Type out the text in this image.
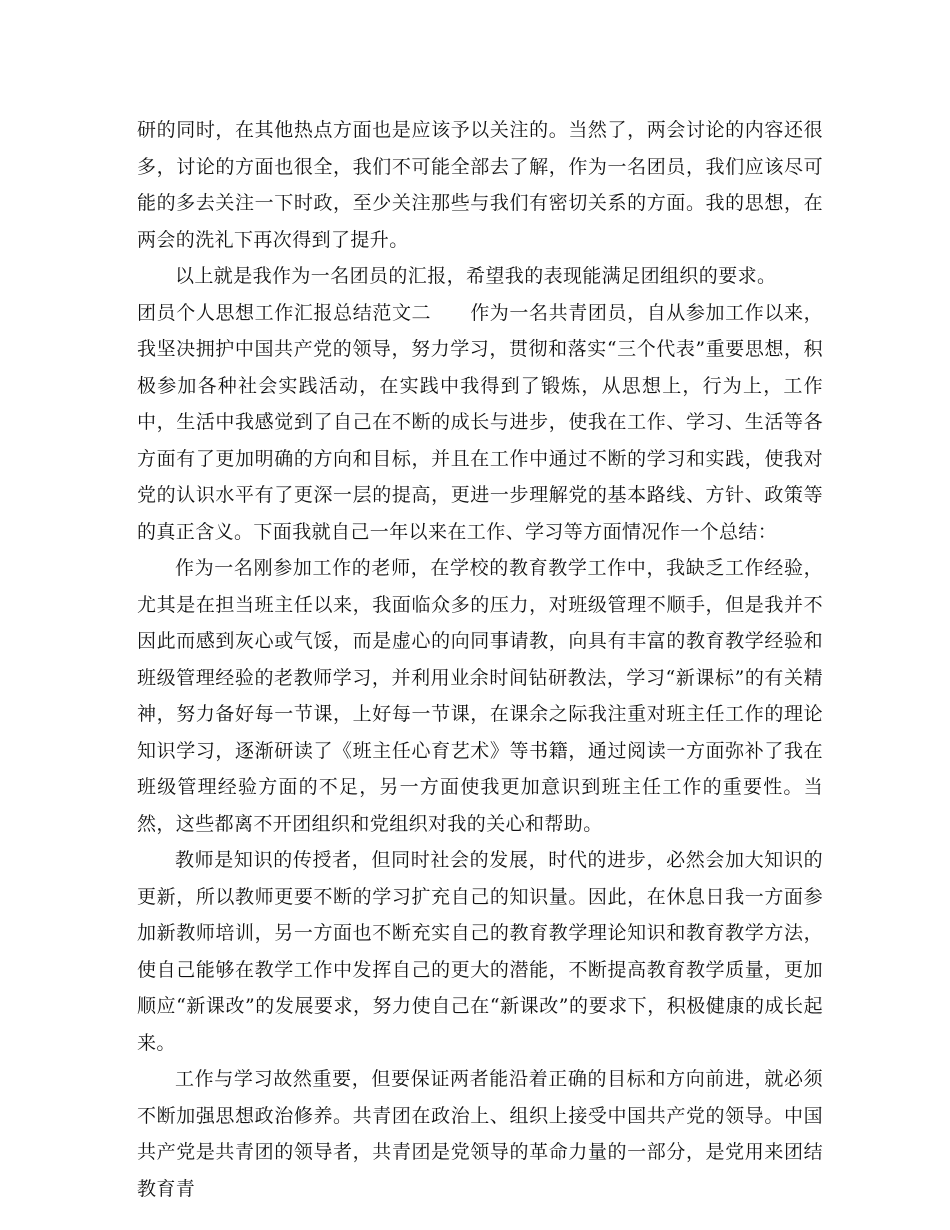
研的同时，在其他热点方面也是应该予以关注的。当然了，两会讨论的内容还很多，讨论的方面也很全，我们不可能全部去了解，作为一名团员，我们应该尽可能的多去关注一下时政，至少关注那些与我们有密切关系的方面。我的思想，在两会的洗礼下再次得到了提升。

以上就是我作为一名团员的汇报，希望我的表现能满足团组织的要求。

团员个人思想工作汇报总结范文二   作为一名共青团员，自从参加工作以来，我坚决拥护中国共产党的领导，努力学习，贯彻和落实“三个代表”重要思想，积极参加各种社会实践活动，在实践中我得到了锻炼，从思想上，行为上，工作中，生活中我感觉到了自己在不断的成长与进步，使我在工作、学习、生活等各方面有了更加明确的方向和目标，并且在工作中通过不断的学习和实践，使我对党的认识水平有了更深一层的提高，更进一步理解党的基本路线、方针、政策等的真正含义。下面我就自己一年以来在工作、学习等方面情况作一个总结：

作为一名刚参加工作的老师，在学校的教育教学工作中，我缺乏工作经验，尤其是在担当班主任以来，我面临众多的压力，对班级管理不顺手，但是我并不因此而感到灰心或气馁，而是虚心的向同事请教，向具有丰富的教育教学经验和班级管理经验的老教师学习，并利用业余时间钻研教法，学习“新课标”的有关精神，努力备好每一节课，上好每一节课，在课余之际我注重对班主任工作的理论知识学习，逐渐研读了《班主任心育艺术》等书籍，通过阅读一方面弥补了我在班级管理经验方面的不足，另一方面使我更加意识到班主任工作的重要性。当然，这些都离不开团组织和党组织对我的关心和帮助。

教师是知识的传授者，但同时社会的发展，时代的进步，必然会加大知识的更新，所以教师更要不断的学习扩充自己的知识量。因此，在休息日我一方面参加新教师培训，另一方面也不断充实自己的教育教学理论知识和教育教学方法，使自己能够在教学工作中发挥自己的更大的潜能，不断提高教育教学质量，更加顺应“新课改”的发展要求，努力使自己在“新课改”的要求下，积极健康的成长起来。

工作与学习故然重要，但要保证两者能沿着正确的目标和方向前进，就必须不断加强思想政治修养。共青团在政治上、组织上接受中国共产党的领导。中国共产党是共青团的领导者，共青团是党领导的革命力量的一部分，是党用来团结教育青
